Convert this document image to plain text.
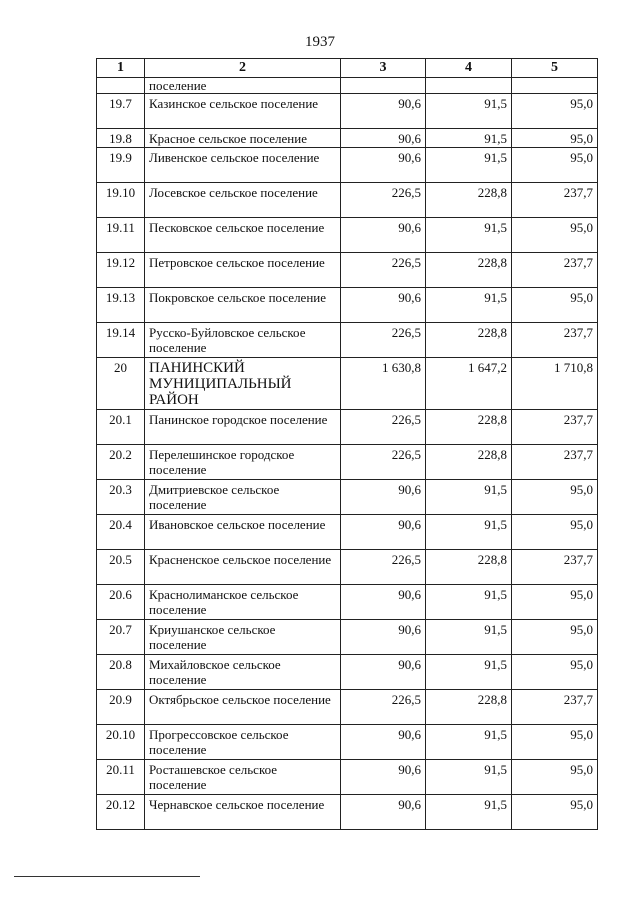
1937
1	2	3	4	5
	поселение			
19.7	Казинское сельское поселение	90,6	91,5	95,0
19.8	Красное сельское поселение	90,6	91,5	95,0
19.9	Ливенское сельское поселение	90,6	91,5	95,0
19.10	Лосевское сельское поселение	226,5	228,8	237,7
19.11	Песковское сельское поселение	90,6	91,5	95,0
19.12	Петровское сельское поселение	226,5	228,8	237,7
19.13	Покровское сельское поселение	90,6	91,5	95,0
19.14	Русско-Буйловское сельское поселение	226,5	228,8	237,7
20	ПАНИНСКИЙ МУНИЦИПАЛЬНЫЙ РАЙОН	1 630,8	1 647,2	1 710,8
20.1	Панинское городское поселение	226,5	228,8	237,7
20.2	Перелешинское городское поселение	226,5	228,8	237,7
20.3	Дмитриевское сельское поселение	90,6	91,5	95,0
20.4	Ивановское сельское поселение	90,6	91,5	95,0
20.5	Красненское сельское поселение	226,5	228,8	237,7
20.6	Краснолиманское сельское поселение	90,6	91,5	95,0
20.7	Криушанское сельское поселение	90,6	91,5	95,0
20.8	Михайловское сельское поселение	90,6	91,5	95,0
20.9	Октябрьское сельское поселение	226,5	228,8	237,7
20.10	Прогрессовское сельское поселение	90,6	91,5	95,0
20.11	Росташевское сельское поселение	90,6	91,5	95,0
20.12	Чернавское сельское поселение	90,6	91,5	95,0
